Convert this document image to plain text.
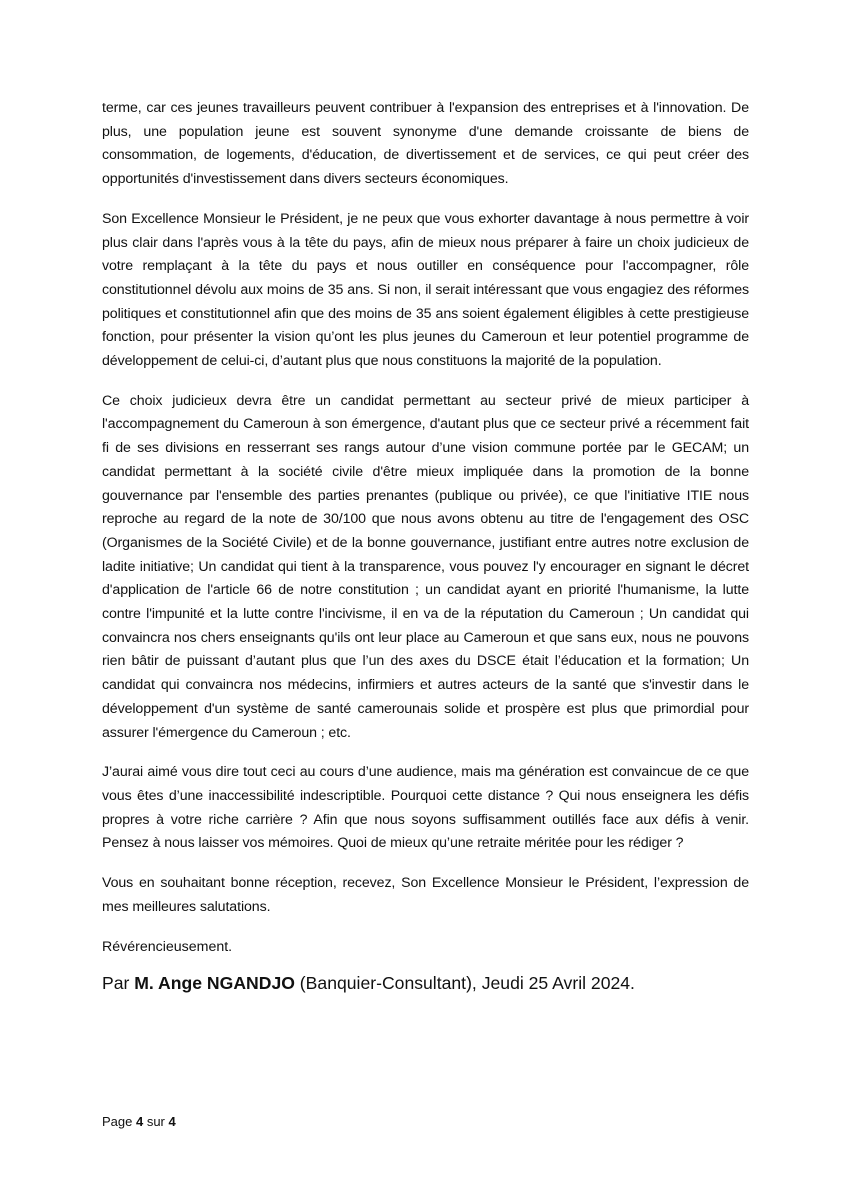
terme, car ces jeunes travailleurs peuvent contribuer à l'expansion des entreprises et à l'innovation. De plus, une population jeune est souvent synonyme d'une demande croissante de biens de consommation, de logements, d'éducation, de divertissement et de services, ce qui peut créer des opportunités d'investissement dans divers secteurs économiques.

Son Excellence Monsieur le Président, je ne peux que vous exhorter davantage à nous permettre à voir plus clair dans l'après vous à la tête du pays, afin de mieux nous préparer à faire un choix judicieux de votre remplaçant à la tête du pays et nous outiller en conséquence pour l'accompagner, rôle constitutionnel dévolu aux moins de 35 ans. Si non, il serait intéressant que vous engagiez des réformes politiques et constitutionnel afin que des moins de 35 ans soient également éligibles à cette prestigieuse fonction, pour présenter la vision qu’ont les plus jeunes du Cameroun et leur potentiel programme de développement de celui-ci, d’autant plus que nous constituons la majorité de la population.

Ce choix judicieux devra être un candidat permettant au secteur privé de mieux participer à l'accompagnement du Cameroun à son émergence, d'autant plus que ce secteur privé a récemment fait fi de ses divisions en resserrant ses rangs autour d’une vision commune portée par le GECAM; un candidat permettant à la société civile d'être mieux impliquée dans la promotion de la bonne gouvernance par l'ensemble des parties prenantes (publique ou privée), ce que l'initiative ITIE nous reproche au regard de la note de 30/100 que nous avons obtenu au titre de l'engagement des OSC (Organismes de la Société Civile) et de la bonne gouvernance, justifiant entre autres notre exclusion de ladite initiative; Un candidat qui tient à la transparence, vous pouvez l'y encourager en signant le décret d'application de l'article 66 de notre constitution ; un candidat ayant en priorité l'humanisme, la lutte contre l'impunité et la lutte contre l'incivisme, il en va de la réputation du Cameroun ; Un candidat qui convaincra nos chers enseignants qu'ils ont leur place au Cameroun et que sans eux, nous ne pouvons rien bâtir de puissant d’autant plus que l’un des axes du DSCE était l’éducation et la formation; Un candidat qui convaincra nos médecins, infirmiers et autres acteurs de la santé que s'investir dans le développement d'un système de santé camerounais solide et prospère est plus que primordial pour assurer l'émergence du Cameroun ; etc.

J’aurai aimé vous dire tout ceci au cours d’une audience, mais ma génération est convaincue de ce que vous êtes d’une inaccessibilité indescriptible. Pourquoi cette distance ? Qui nous enseignera les défis propres à votre riche carrière ? Afin que nous soyons suffisamment outillés face aux défis à venir. Pensez à nous laisser vos mémoires. Quoi de mieux qu’une retraite méritée pour les rédiger ?

Vous en souhaitant bonne réception, recevez, Son Excellence Monsieur le Président, l’expression de mes meilleures salutations.

Révérencieusement.

Par M. Ange NGANDJO (Banquier-Consultant), Jeudi 25 Avril 2024.
Page 4 sur 4
